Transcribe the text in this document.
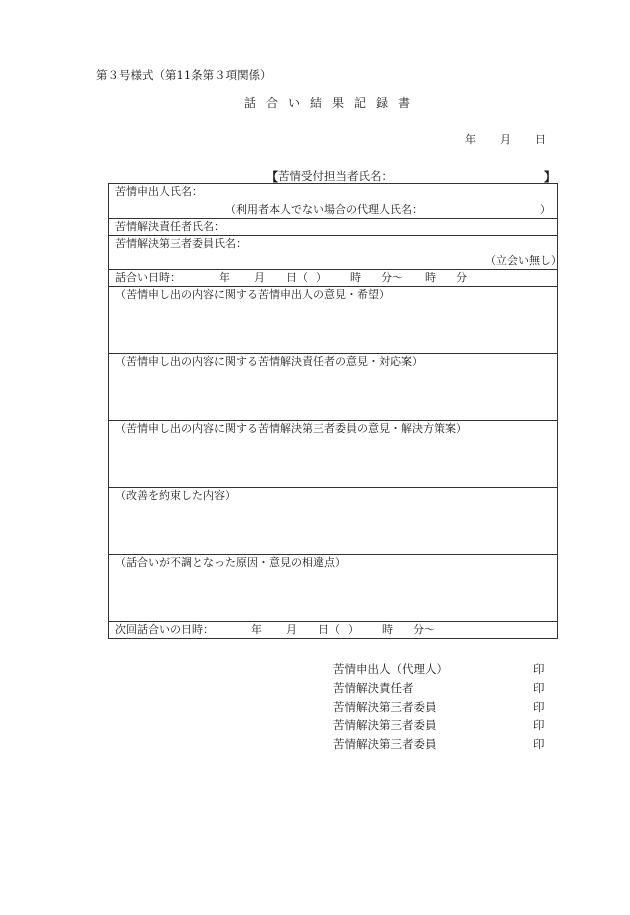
第３号様式（第11条第３項関係）
話合い結果記録書
年 月 日
【 苦情受付担当者氏名：	】
苦情申出人氏名：
（利用者本人でない場合の代理人氏名：	）

苦情解決責任者氏名：
苦情解決第三者委員氏名：
（立会い無し）

話合い日時：	年 月 日（ ） 時 分～ 時 分

（苦情申し出の内容に関する苦情申出人の意見・希望）
（苦情申し出の内容に関する苦情解決責任者の意見・対応案）
（苦情申し出の内容に関する苦情解決第三者委員の意見・解決方策案）
（改善を約束した内容）
（話合いが不調となった原因・意見の相違点）
次回話合いの日時：	年 月 日（ ） 時 分～
苦情申出人（代理人）	印
苦情解決責任者	印
苦情解決第三者委員	印
苦情解決第三者委員	印
苦情解決第三者委員	印
